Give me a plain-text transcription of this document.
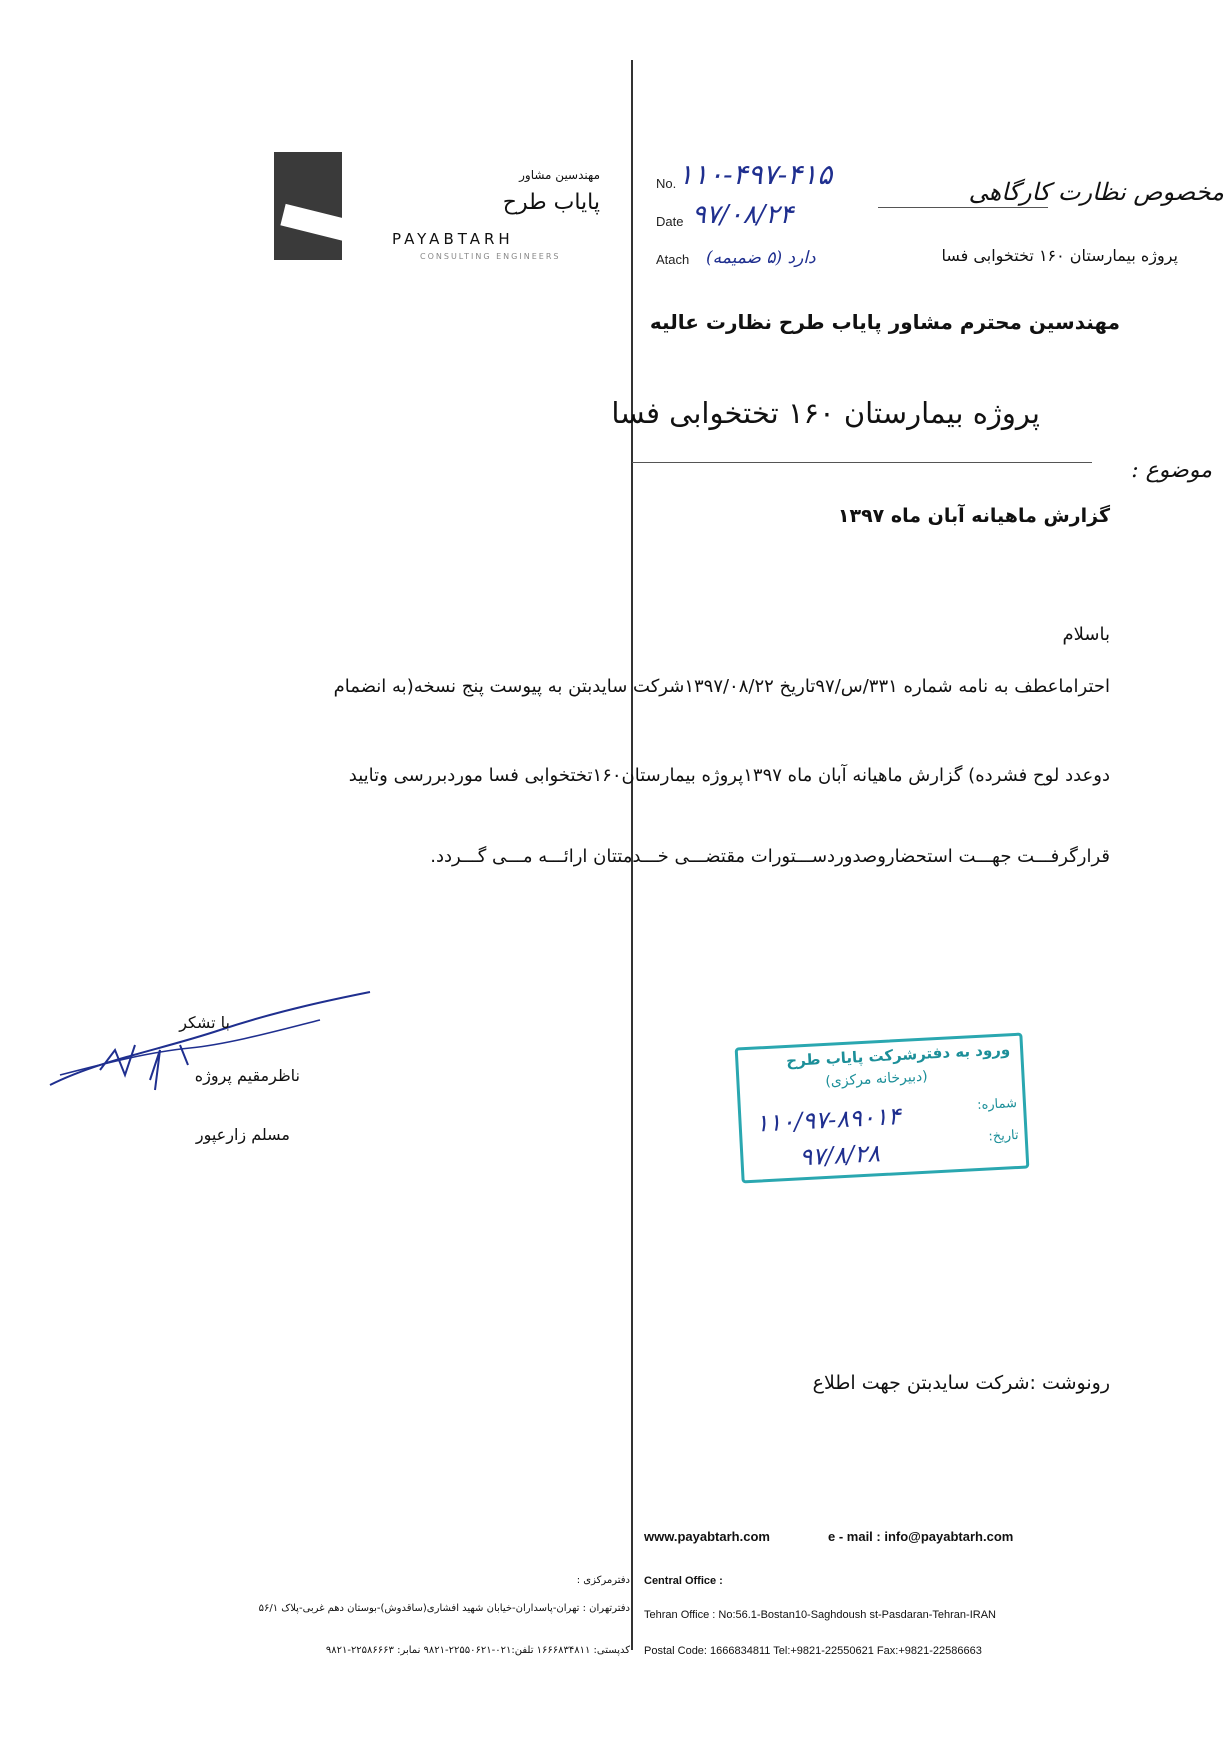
مهندسین مشاور
پایاب طرح
PAYABTARH
CONSULTING ENGINEERS
No. ۱۱۰-۴۹۷-۴۱۵
Date ۹۷/۰۸/۲۴
Atach دارد (۵ ضمیمه)
مخصوص نظارت کارگاهی
پروژه بیمارستان ۱۶۰ تختخوابی فسا
مهندسین محترم مشاور پایاب طرح نظارت عالیه
پروژه بیمارستان ۱۶۰ تختخوابی فسا
موضوع :
گزارش ماهیانه آبان ماه ۱۳۹۷
باسلام
احتراماعطف به نامه شماره ۳۳۱/س/۹۷تاریخ ۱۳۹۷/۰۸/۲۲شرکت سایدبتن به پیوست پنج نسخه(به انضمام
دوعدد لوح فشرده) گزارش ماهیانه آبان ماه ۱۳۹۷پروژه بیمارستان۱۶۰تختخوابی فسا موردبررسی وتایید
قرارگرفـــت جهـــت استحضاروصدوردســـتورات مقتضـــی خـــدمتتان ارائـــه مـــی گـــردد.
با تشکر
ناظرمقیم پروژه
مسلم زارعپور
ورود به دفترشرکت پایاب طرح
(دبیرخانه مرکزی)
شماره:
۱۱۰/۹۷-۸۹۰۱۴	تاریخ:
۹۷/۸/۲۸
رونوشت :شرکت سایدبتن جهت اطلاع
www.payabtarh.com	e - mail : info@payabtarh.com
Central Office :
Tehran Office : No:56.1-Bostan10-Saghdoush st-Pasdaran-Tehran-IRAN
Postal Code: 1666834811 Tel:+9821-22550621 Fax:+9821-22586663
دفترمرکزی :
دفترتهران : تهران-پاسداران-خیابان شهید افشاری(ساقدوش)-بوستان دهم غربی-پلاک ۵۶/۱
کدپستی: ۱۶۶۶۸۳۴۸۱۱ تلفن:۰۲۱-۲۲۵۵۰۶۲۱-۹۸۲۱ نمابر: ۲۲۵۸۶۶۶۳-۹۸۲۱
